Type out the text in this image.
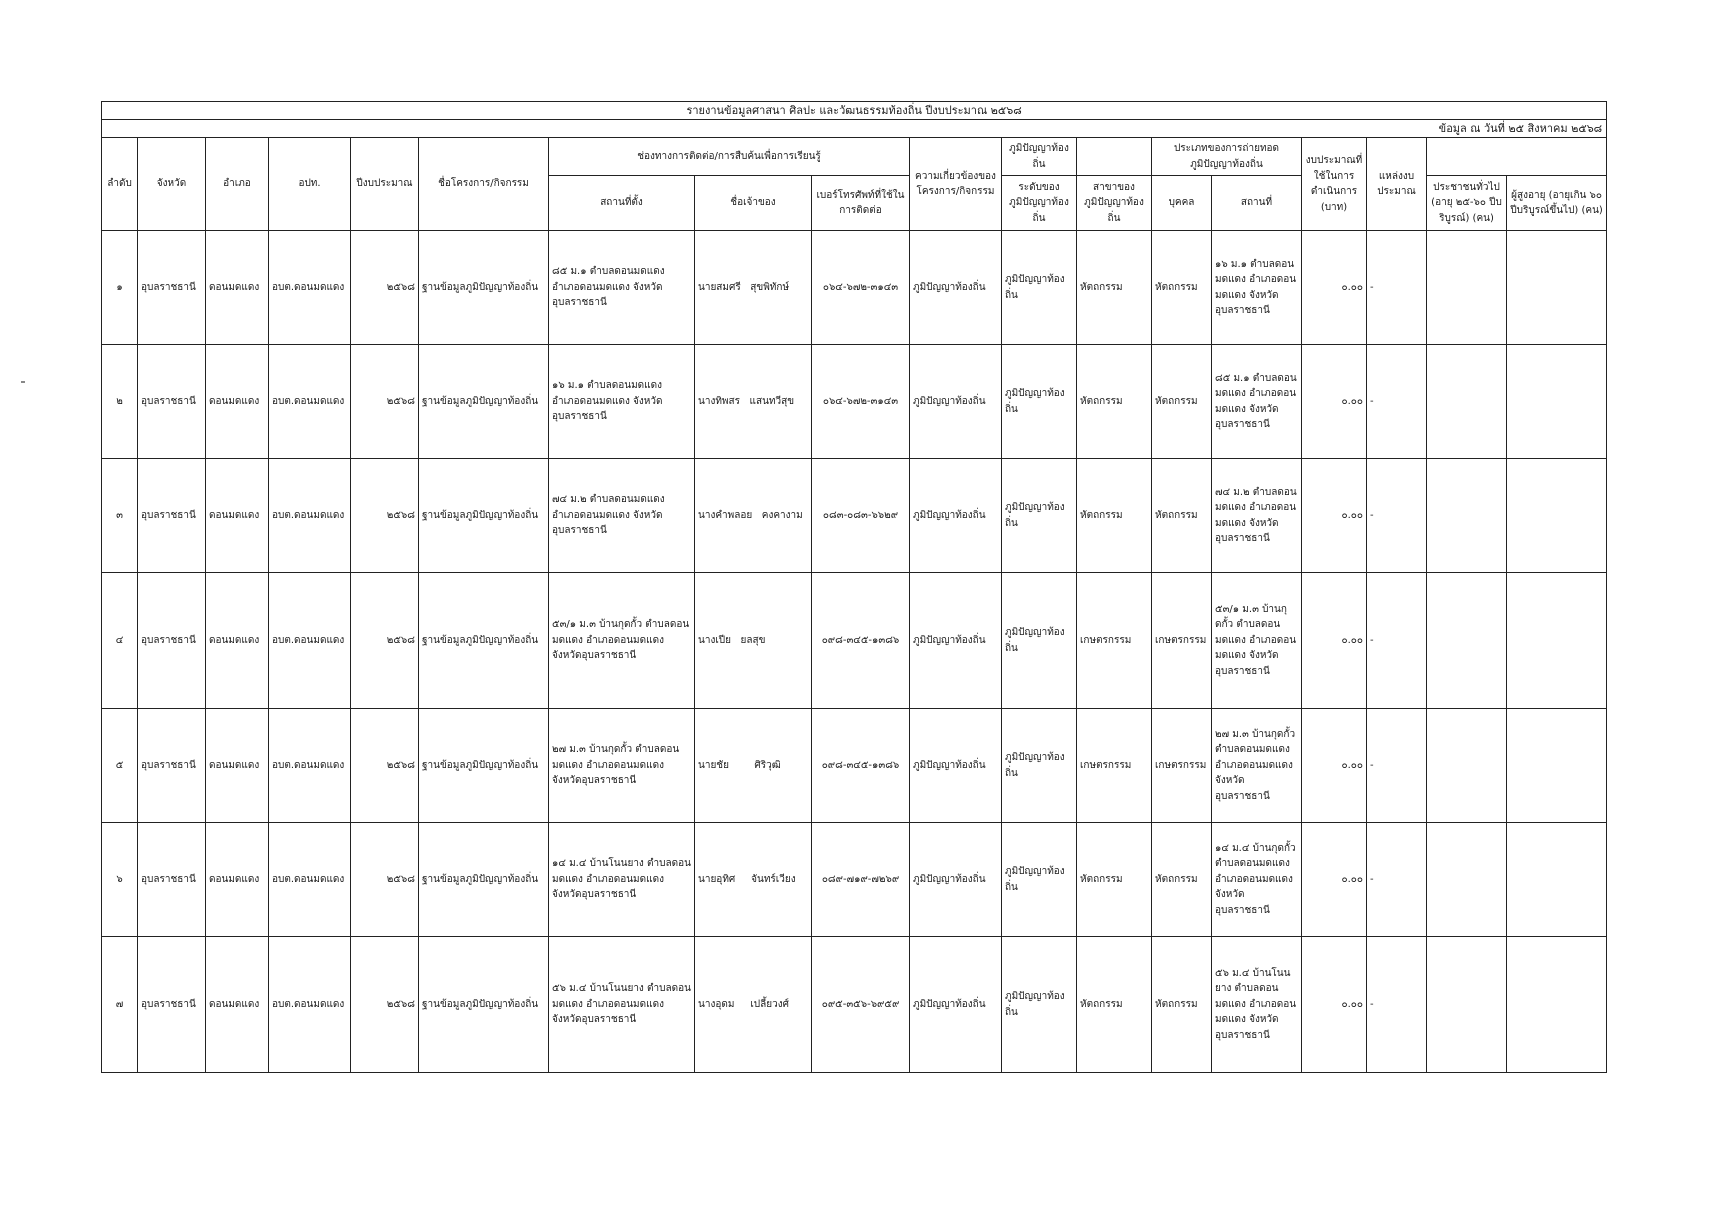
รายงานข้อมูลศาสนา ศิลปะ และวัฒนธรรมท้องถิ่น ปีงบประมาณ ๒๕๖๘																	
ข้อมูล ณ วันที่ ๒๕ สิงหาคม ๒๕๖๘																	
ลำดับ	จังหวัด	อำเภอ	อปท.	ปีงบประมาณ	ชื่อโครงการ/กิจกรรม	ช่องทางการติดต่อ/การสืบค้นเพื่อการเรียนรู้			ความเกี่ยวข้องของโครงการ/กิจกรรม	ภูมิปัญญาท้องถิ่น		ประเภทของการถ่ายทอดภูมิปัญญาท้องถิ่น		งบประมาณที่ใช้ในการดำเนินการ (บาท)	แหล่งงบประมาณ		
						สถานที่ตั้ง	ชื่อเจ้าของ	เบอร์โทรศัพท์ที่ใช้ในการติดต่อ		ระดับของภูมิปัญญาท้องถิ่น	สาขาของภูมิปัญญาท้องถิ่น	บุคคล	สถานที่			ประชาชนทั่วไป (อายุ ๒๕-๖๐ ปีบริบูรณ์) (คน)	ผู้สูงอายุ (อายุเกิน ๖๐ ปีบริบูรณ์ขึ้นไป) (คน)
๑	อุบลราชธานี	ดอนมดแดง	อบต.ดอนมดแดง	๒๕๖๘	ฐานข้อมูลภูมิปัญญาท้องถิ่น	๘๕ ม.๑ ตำบลดอนมดแดง อำเภอดอนมดแดง จังหวัดอุบลราชธานี	นายสมศรี   สุขพิทักษ์	๐๖๔-๖๗๒-๓๑๔๓	ภูมิปัญญาท้องถิ่น	ภูมิปัญญาท้องถิ่น	หัตถกรรม	หัตถกรรม	๑๖ ม.๑ ตำบลดอนมดแดง อำเภอดอนมดแดง จังหวัดอุบลราชธานี	๐.๐๐	-		
๒	อุบลราชธานี	ดอนมดแดง	อบต.ดอนมดแดง	๒๕๖๘	ฐานข้อมูลภูมิปัญญาท้องถิ่น	๑๖ ม.๑ ตำบลดอนมดแดง อำเภอดอนมดแดง จังหวัดอุบลราชธานี	นางทิพสร   แสนทวีสุข	๐๖๔-๖๗๒-๓๑๔๓	ภูมิปัญญาท้องถิ่น	ภูมิปัญญาท้องถิ่น	หัตถกรรม	หัตถกรรม	๘๕ ม.๑ ตำบลดอนมดแดง อำเภอดอนมดแดง จังหวัดอุบลราชธานี	๐.๐๐	-		
๓	อุบลราชธานี	ดอนมดแดง	อบต.ดอนมดแดง	๒๕๖๘	ฐานข้อมูลภูมิปัญญาท้องถิ่น	๗๔ ม.๒ ตำบลดอนมดแดง อำเภอดอนมดแดง จังหวัดอุบลราชธานี	นางคำพลอย   คงคางาม	๐๘๓-๐๘๓-๖๖๒๙	ภูมิปัญญาท้องถิ่น	ภูมิปัญญาท้องถิ่น	หัตถกรรม	หัตถกรรม	๗๔ ม.๒ ตำบลดอนมดแดง อำเภอดอนมดแดง จังหวัดอุบลราชธานี	๐.๐๐	-		
๔	อุบลราชธานี	ดอนมดแดง	อบต.ดอนมดแดง	๒๕๖๘	ฐานข้อมูลภูมิปัญญาท้องถิ่น	๕๓/๑ ม.๓ บ้านกุดกั้ว ตำบลดอนมดแดง อำเภอดอนมดแดง จังหวัดอุบลราชธานี	นางเปีย   ยลสุข	๐๙๘-๓๔๕-๑๓๘๖	ภูมิปัญญาท้องถิ่น	ภูมิปัญญาท้องถิ่น	เกษตรกรรม	เกษตรกรรม	๕๓/๑ ม.๓ บ้านกุดกั้ว ตำบลดอนมดแดง อำเภอดอนมดแดง จังหวัดอุบลราชธานี	๐.๐๐	-		
๕	อุบลราชธานี	ดอนมดแดง	อบต.ดอนมดแดง	๒๕๖๘	ฐานข้อมูลภูมิปัญญาท้องถิ่น	๒๗ ม.๓ บ้านกุดกั้ว ตำบลดอนมดแดง อำเภอดอนมดแดง จังหวัดอุบลราชธานี	นายชัย        ศิริวุฒิ	๐๙๘-๓๔๕-๑๓๘๖	ภูมิปัญญาท้องถิ่น	ภูมิปัญญาท้องถิ่น	เกษตรกรรม	เกษตรกรรม	๒๗ ม.๓ บ้านกุดกั้ว ตำบลดอนมดแดง อำเภอดอนมดแดง จังหวัดอุบลราชธานี	๐.๐๐	-		
๖	อุบลราชธานี	ดอนมดแดง	อบต.ดอนมดแดง	๒๕๖๘	ฐานข้อมูลภูมิปัญญาท้องถิ่น	๑๔ ม.๔ บ้านโนนยาง ตำบลดอนมดแดง อำเภอดอนมดแดง จังหวัดอุบลราชธานี	นายอุทิศ     จันทร์เวียง	๐๘๙-๗๑๙-๗๒๖๙	ภูมิปัญญาท้องถิ่น	ภูมิปัญญาท้องถิ่น	หัตถกรรม	หัตถกรรม	๑๔ ม.๔ บ้านกุดกั้ว ตำบลดอนมดแดง อำเภอดอนมดแดง จังหวัดอุบลราชธานี	๐.๐๐	-		
๗	อุบลราชธานี	ดอนมดแดง	อบต.ดอนมดแดง	๒๕๖๘	ฐานข้อมูลภูมิปัญญาท้องถิ่น	๕๖ ม.๔ บ้านโนนยาง ตำบลดอนมดแดง อำเภอดอนมดแดง จังหวัดอุบลราชธานี	นางอุดม     เปลี้ยวงศ์	๐๙๕-๓๕๖-๖๙๕๙	ภูมิปัญญาท้องถิ่น	ภูมิปัญญาท้องถิ่น	หัตถกรรม	หัตถกรรม	๕๖ ม.๔ บ้านโนนยาง ตำบลดอนมดแดง อำเภอดอนมดแดง จังหวัดอุบลราชธานี	๐.๐๐	-		
